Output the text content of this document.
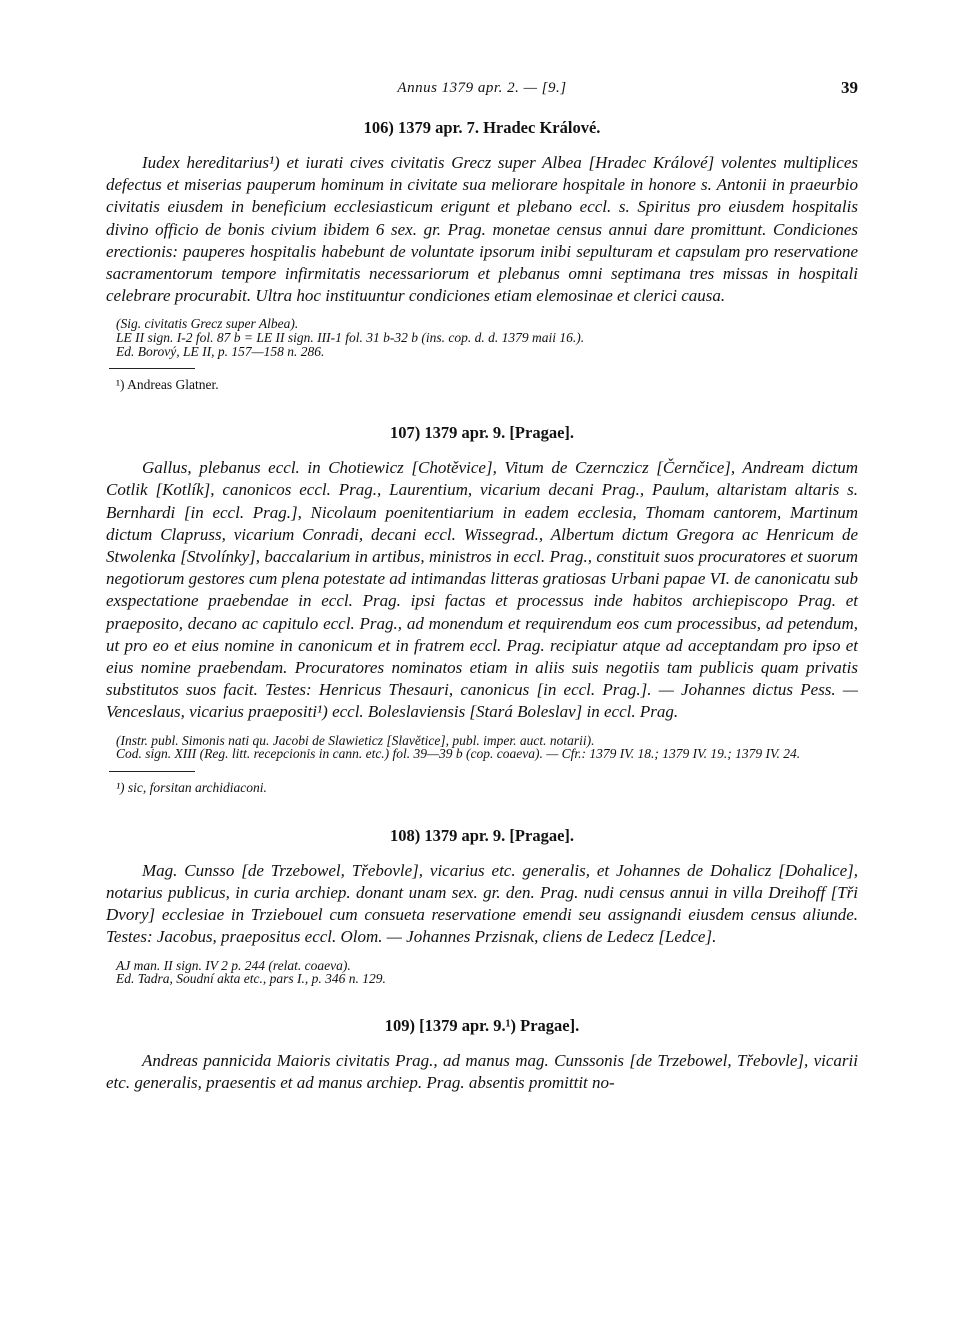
Annus 1379 apr. 2. — [9.]	39
106) 1379 apr. 7. Hradec Králové.

Iudex hereditarius¹) et iurati cives civitatis Grecz super Albea [Hradec Králové] volentes multiplices defectus et miserias pauperum hominum in civitate sua meliorare hospitale in honore s. Antonii in praeurbio civitatis eiusdem in beneficium ecclesiasticum erigunt et plebano eccl. s. Spiritus pro eiusdem hospitalis divino officio de bonis civium ibidem 6 sex. gr. Prag. monetae census annui dare promittunt. Condiciones erectionis: pauperes hospitalis habebunt de voluntate ipsorum inibi sepulturam et capsulam pro reservatione sacramentorum tempore infirmitatis necessariorum et plebanus omni septimana tres missas in hospitali celebrare procurabit. Ultra hoc instituuntur condiciones etiam elemosinae et clerici causa.

(Sig. civitatis Grecz super Albea).
LE II sign. I-2 fol. 87 b = LE II sign. III-1 fol. 31 b-32 b (ins. cop. d. d. 1379 maii 16.).
Ed. Borový, LE II, p. 157—158 n. 286.

¹) Andreas Glatner.

107) 1379 apr. 9. [Pragae].

Gallus, plebanus eccl. in Chotiewicz [Chotěvice], Vitum de Czernczicz [Černčice], Andream dictum Cotlik [Kotlík], canonicos eccl. Prag., Laurentium, vicarium decani Prag., Paulum, altaristam altaris s. Bernhardi [in eccl. Prag.], Nicolaum poenitentiarium in eadem ecclesia, Thomam cantorem, Martinum dictum Clapruss, vicarium Conradi, decani eccl. Wissegrad., Albertum dictum Gregora ac Henricum de Stwolenka [Stvolínky], baccalarium in artibus, ministros in eccl. Prag., constituit suos procuratores et suorum negotiorum gestores cum plena potestate ad intimandas litteras gratiosas Urbani papae VI. de canonicatu sub exspectatione praebendae in eccl. Prag. ipsi factas et processus inde habitos archiepiscopo Prag. et praeposito, decano ac capitulo eccl. Prag., ad monendum et requirendum eos cum processibus, ad petendum, ut pro eo et eius nomine in canonicum et in fratrem eccl. Prag. recipiatur atque ad acceptandam pro ipso et eius nomine praebendam. Procuratores nominatos etiam in aliis suis negotiis tam publicis quam privatis substitutos suos facit. Testes: Henricus Thesauri, canonicus [in eccl. Prag.]. — Johannes dictus Pess. — Venceslaus, vicarius praepositi¹) eccl. Boleslaviensis [Stará Boleslav] in eccl. Prag.

(Instr. publ. Simonis nati qu. Jacobi de Slawieticz [Slavětice], publ. imper. auct. notarii).
Cod. sign. XIII (Reg. litt. recepcionis in cann. etc.) fol. 39—39 b (cop. coaeva). — Cfr.: 1379 IV. 18.; 1379 IV. 19.; 1379 IV. 24.

¹) sic, forsitan archidiaconi.

108) 1379 apr. 9. [Pragae].

Mag. Cunsso [de Trzebowel, Třebovle], vicarius etc. generalis, et Johannes de Dohalicz [Dohalice], notarius publicus, in curia archiep. donant unam sex. gr. den. Prag. nudi census annui in villa Dreihoff [Tři Dvory] ecclesiae in Trziebouel cum consueta reservatione emendi seu assignandi eiusdem census aliunde. Testes: Jacobus, praepositus eccl. Olom. — Johannes Przisnak, cliens de Ledecz [Ledce].

AJ man. II sign. IV 2 p. 244 (relat. coaeva).
Ed. Tadra, Soudní akta etc., pars I., p. 346 n. 129.
109) [1379 apr. 9.¹) Pragae].

Andreas pannicida Maioris civitatis Prag., ad manus mag. Cunssonis [de Trzebowel, Třebovle], vicarii etc. generalis, praesentis et ad manus archiep. Prag. absentis promittit no-
